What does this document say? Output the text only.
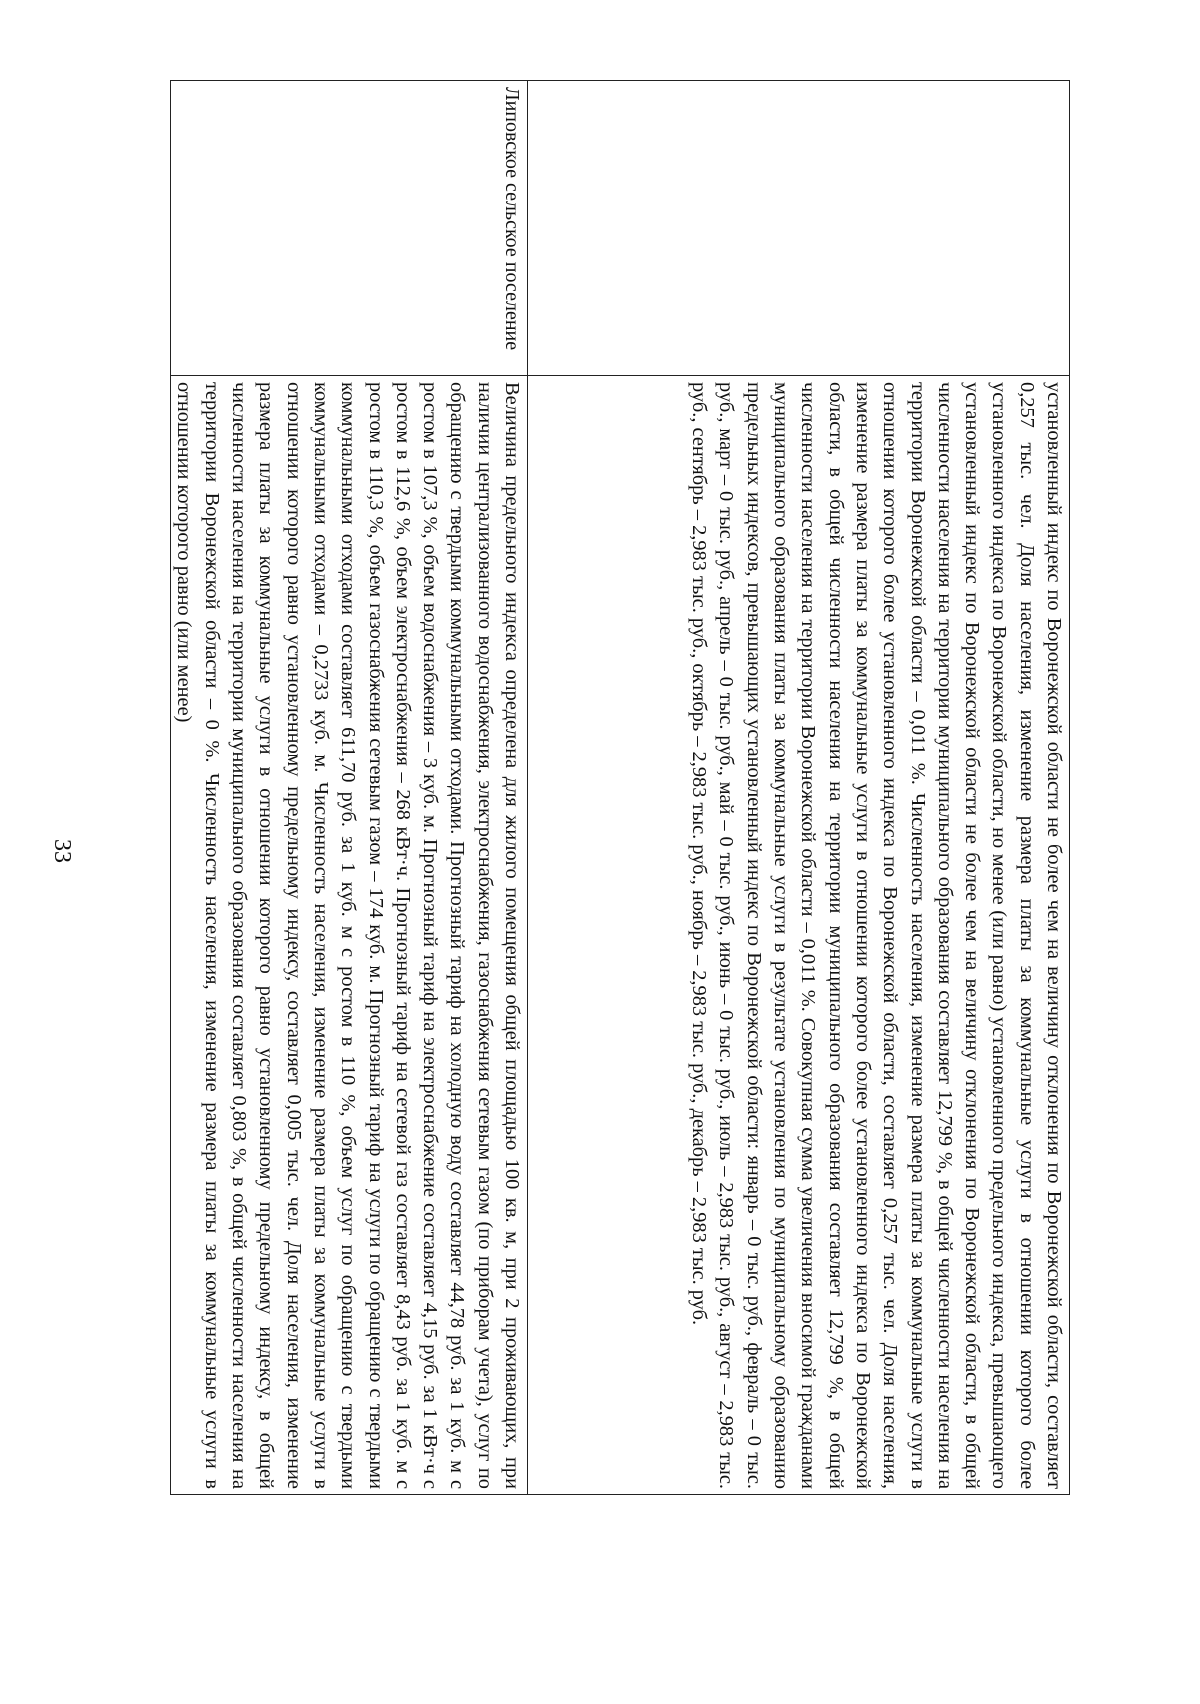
33	установленный индекс по Воронежской области не более чем на величину отклонения по Воронежской области, составляет 0,257 тыс. чел. Доля населения, изменение размера платы за коммунальные услуги в отношении которого более установленного индекса по Воронежской области, но менее (или равно) установленного предельного индекса, превышающего установленный индекс по Воронежской области не более чем на величину отклонения по Воронежской области, в общей численности населения на территории муниципального образования составляет 12,799 %, в общей численности населения на территории Воронежской области – 0,011 %. Численность населения, изменение размера платы за коммунальные услуги в отношении которого более установленного индекса по Воронежской области, составляет 0,257 тыс. чел. Доля населения, изменение размера платы за коммунальные услуги в отношении которого более установленного индекса по Воронежской области, в общей численности населения на территории муниципального образования составляет 12,799 %, в общей численности населения на территории Воронежской области – 0,011 %. Совокупная сумма увеличения вносимой гражданами муниципального образования платы за коммунальные услуги в результате установления по муниципальному образованию предельных индексов, превышающих установленный индекс по Воронежской области: январь – 0 тыс. руб., февраль – 0 тыс. руб., март – 0 тыс. руб., апрель – 0 тыс. руб., май – 0 тыс. руб., июнь – 0 тыс. руб., июль – 2,983 тыс. руб., август – 2,983 тыс. руб., сентябрь – 2,983 тыс. руб., октябрь – 2,983 тыс. руб., ноябрь – 2,983 тыс. руб., декабрь – 2,983 тыс. руб.

Липовское сельское поселение

Величина предельного индекса определена для жилого помещения общей площадью 100 кв. м, при 2 проживающих, при наличии централизованного водоснабжения, электроснабжения, газоснабжения сетевым газом (по приборам учета), услуг по обращению с твердыми коммунальными отходами. Прогнозный тариф на холодную воду составляет 44,78 руб. за 1 куб. м с ростом в 107,3 %, объем водоснабжения – 3 куб. м. Прогнозный тариф на электроснабжение составляет 4,15 руб. за 1 кВт·ч с ростом в 112,6 %, объем электроснабжения – 268 кВт·ч. Прогнозный тариф на сетевой газ составляет 8,43 руб. за 1 куб. м с ростом в 110,3 %, объем газоснабжения сетевым газом – 174 куб. м. Прогнозный тариф на услуги по обращению с твердыми коммунальными отходами составляет 611,70 руб. за 1 куб. м с ростом в 110 %, объем услуг по обращению с твердыми коммунальными отходами – 0,2733 куб. м. Численность населения, изменение размера платы за коммунальные услуги в отношении которого равно установленному предельному индексу, составляет 0,005 тыс. чел. Доля населения, изменение размера платы за коммунальные услуги в отношении которого равно установленному предельному индексу, в общей численности населения на территории муниципального образования составляет 0,803 %, в общей численности населения на территории Воронежской области – 0 %. Численность населения, изменение размера платы за коммунальные услуги в отношении которого равно (или менее)
